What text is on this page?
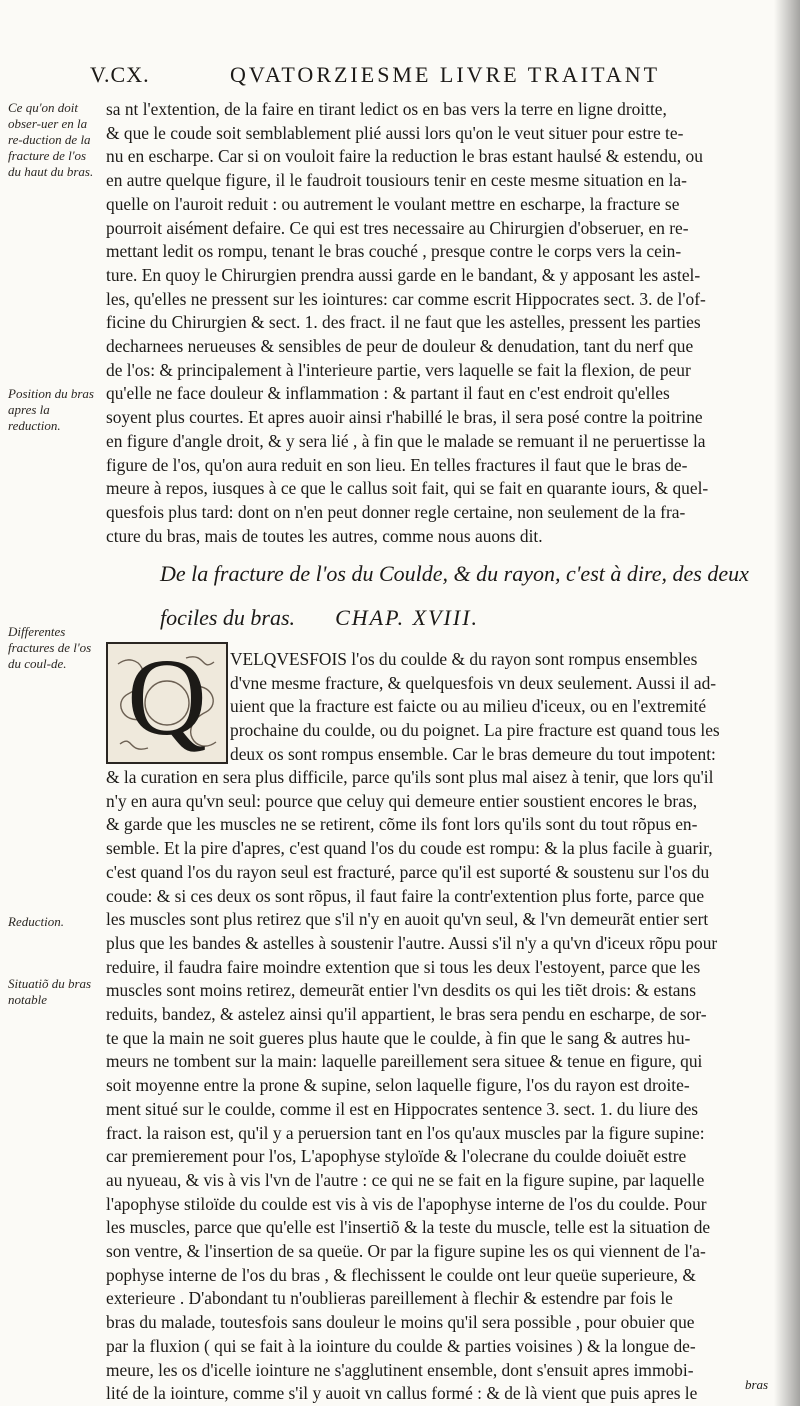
V.CX.	QVATORZIESME LIVRE TRAITANT
Ce qu'on doit obser-uer en la re-duction de la fracture de l'os du haut du bras.
Position du bras apres la reduction.
Differentes fractures de l'os du coul-de.
Reduction.
Situatiõ du bras notable
sa nt l'extention, de la faire en tirant ledict os en bas vers la terre en ligne droitte,
& que le coude soit semblablement plié aussi lors qu'on le veut situer pour estre te-
nu en escharpe. Car si on vouloit faire la reduction le bras estant haulsé & estendu, ou
en autre quelque figure, il le faudroit tousiours tenir en ceste mesme situation en la-
quelle on l'auroit reduit : ou autrement le voulant mettre en escharpe, la fracture se
pourroit aisément defaire. Ce qui est tres necessaire au Chirurgien d'obseruer, en re-
mettant ledit os rompu, tenant le bras couché , presque contre le corps vers la cein-
ture. En quoy le Chirurgien prendra aussi garde en le bandant, & y apposant les astel-
les, qu'elles ne pressent sur les iointures: car comme escrit Hippocrates sect. 3. de l'of-
ficine du Chirurgien & sect. 1. des fract. il ne faut que les astelles, pressent les parties
decharnees nerueuses & sensibles de peur de douleur & denudation, tant du nerf que
de l'os: & principalement à l'interieure partie, vers laquelle se fait la flexion, de peur
qu'elle ne face douleur & inflammation : & partant il faut en c'est endroit qu'elles
soyent plus courtes. Et apres auoir ainsi r'habillé le bras, il sera posé contre la poitrine
en figure d'angle droit, & y sera lié , à fin que le malade se remuant il ne peruertisse la
figure de l'os, qu'on aura reduit en son lieu. En telles fractures il faut que le bras de-
meure à repos, iusques à ce que le callus soit fait, qui se fait en quarante iours, & quel-
quesfois plus tard: dont on n'en peut donner regle certaine, non seulement de la fra-
cture du bras, mais de toutes les autres, comme nous auons dit.
De la fracture de l'os du Coulde, & du rayon, c'est à dire, des deux
fociles du bras. CHAP. XVIII.
Q	VELQVESFOIS l'os du coulde & du rayon sont rompus ensembles
d'vne mesme fracture, & quelquesfois vn deux seulement. Aussi il ad-
uient que la fracture est faicte ou au milieu d'iceux, ou en l'extremité
prochaine du coulde, ou du poignet. La pire fracture est quand tous les
deux os sont rompus ensemble. Car le bras demeure du tout impotent:
& la curation en sera plus difficile, parce qu'ils sont plus mal aisez à tenir, que lors qu'il
n'y en aura qu'vn seul: pource que celuy qui demeure entier soustient encores le bras,
& garde que les muscles ne se retirent, cõme ils font lors qu'ils sont du tout rõpus en-
semble. Et la pire d'apres, c'est quand l'os du coude est rompu: & la plus facile à guarir,
c'est quand l'os du rayon seul est fracturé, parce qu'il est suporté & soustenu sur l'os du
coude: & si ces deux os sont rõpus, il faut faire la contr'extention plus forte, parce que
les muscles sont plus retirez que s'il n'y en auoit qu'vn seul, & l'vn demeurãt entier sert
plus que les bandes & astelles à soustenir l'autre. Aussi s'il n'y a qu'vn d'iceux rõpu pour
reduire, il faudra faire moindre extention que si tous les deux l'estoyent, parce que les
muscles sont moins retirez, demeurãt entier l'vn desdits os qui les tiẽt drois: & estans
reduits, bandez, & astelez ainsi qu'il appartient, le bras sera pendu en escharpe, de sor-
te que la main ne soit gueres plus haute que le coulde, à fin que le sang & autres hu-
meurs ne tombent sur la main: laquelle pareillement sera situee & tenue en figure, qui
soit moyenne entre la prone & supine, selon laquelle figure, l'os du rayon est droite-
ment situé sur le coulde, comme il est en Hippocrates sentence 3. sect. 1. du liure des
fract. la raison est, qu'il y a peruersion tant en l'os qu'aux muscles par la figure supine:
car premierement pour l'os, L'apophyse styloïde & l'olecrane du coulde doiuẽt estre
au nyueau, & vis à vis l'vn de l'autre : ce qui ne se fait en la figure supine, par laquelle
l'apophyse stiloïde du coulde est vis à vis de l'apophyse interne de l'os du coulde. Pour
les muscles, parce que qu'elle est l'insertiõ & la teste du muscle, telle est la situation de
son ventre, & l'insertion de sa queüe. Or par la figure supine les os qui viennent de l'a-
pophyse interne de l'os du bras , & flechissent le coulde ont leur queüe superieure, &
exterieure . D'abondant tu n'oublieras pareillement à flechir & estendre par fois le
bras du malade, toutesfois sans douleur le moins qu'il sera possible , pour obuier que
par la fluxion ( qui se fait à la iointure du coulde & parties voisines ) & la longue de-
meure, les os d'icelle iointure ne s'agglutinent ensemble, dont s'ensuit apres immobi-
lité de la iointure, comme s'il y auoit vn callus formé : & de là vient que puis apres le	bras
